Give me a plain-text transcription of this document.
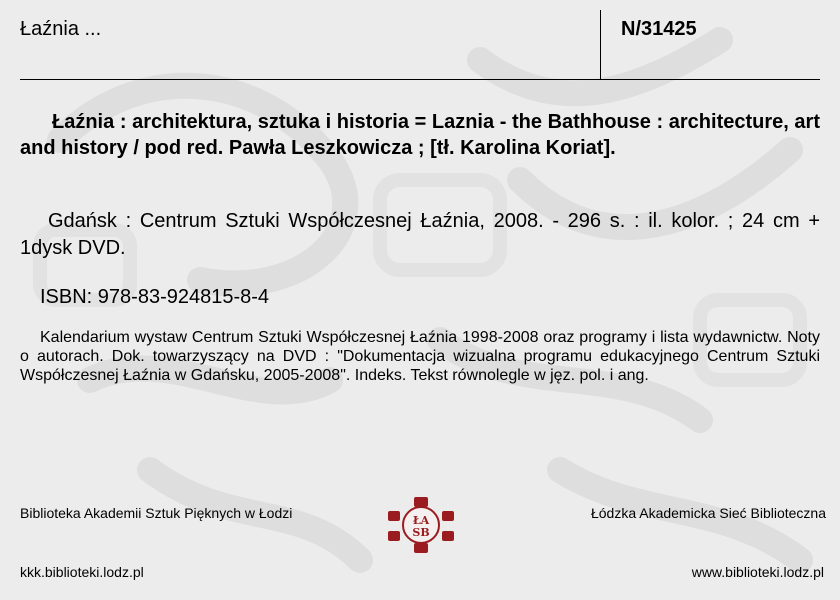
Łaźnia ...	N/31425
Łaźnia : architektura, sztuka i historia = Laznia - the Bathhouse : architecture, art and history / pod red. Pawła Leszkowicza ; [tł. Karolina Koriat].
Gdańsk : Centrum Sztuki Współczesnej Łaźnia, 2008. - 296 s. : il. kolor. ; 24 cm + 1dysk DVD.
ISBN: 978-83-924815-8-4
Kalendarium wystaw Centrum Sztuki Współczesnej Łaźnia 1998-2008 oraz programy i lista wydawnictw. Noty o autorach. Dok. towarzyszący na DVD : "Dokumentacja wizualna programu edukacyjnego Centrum Sztuki Współczesnej Łaźnia w Gdańsku, 2005-2008". Indeks. Tekst równolegle w jęz. pol. i ang.
Biblioteka Akademii Sztuk Pięknych w Łodzi	Łódzka Akademicka Sieć Biblioteczna
ŁA
SB
kkk.biblioteki.lodz.pl	www.biblioteki.lodz.pl
